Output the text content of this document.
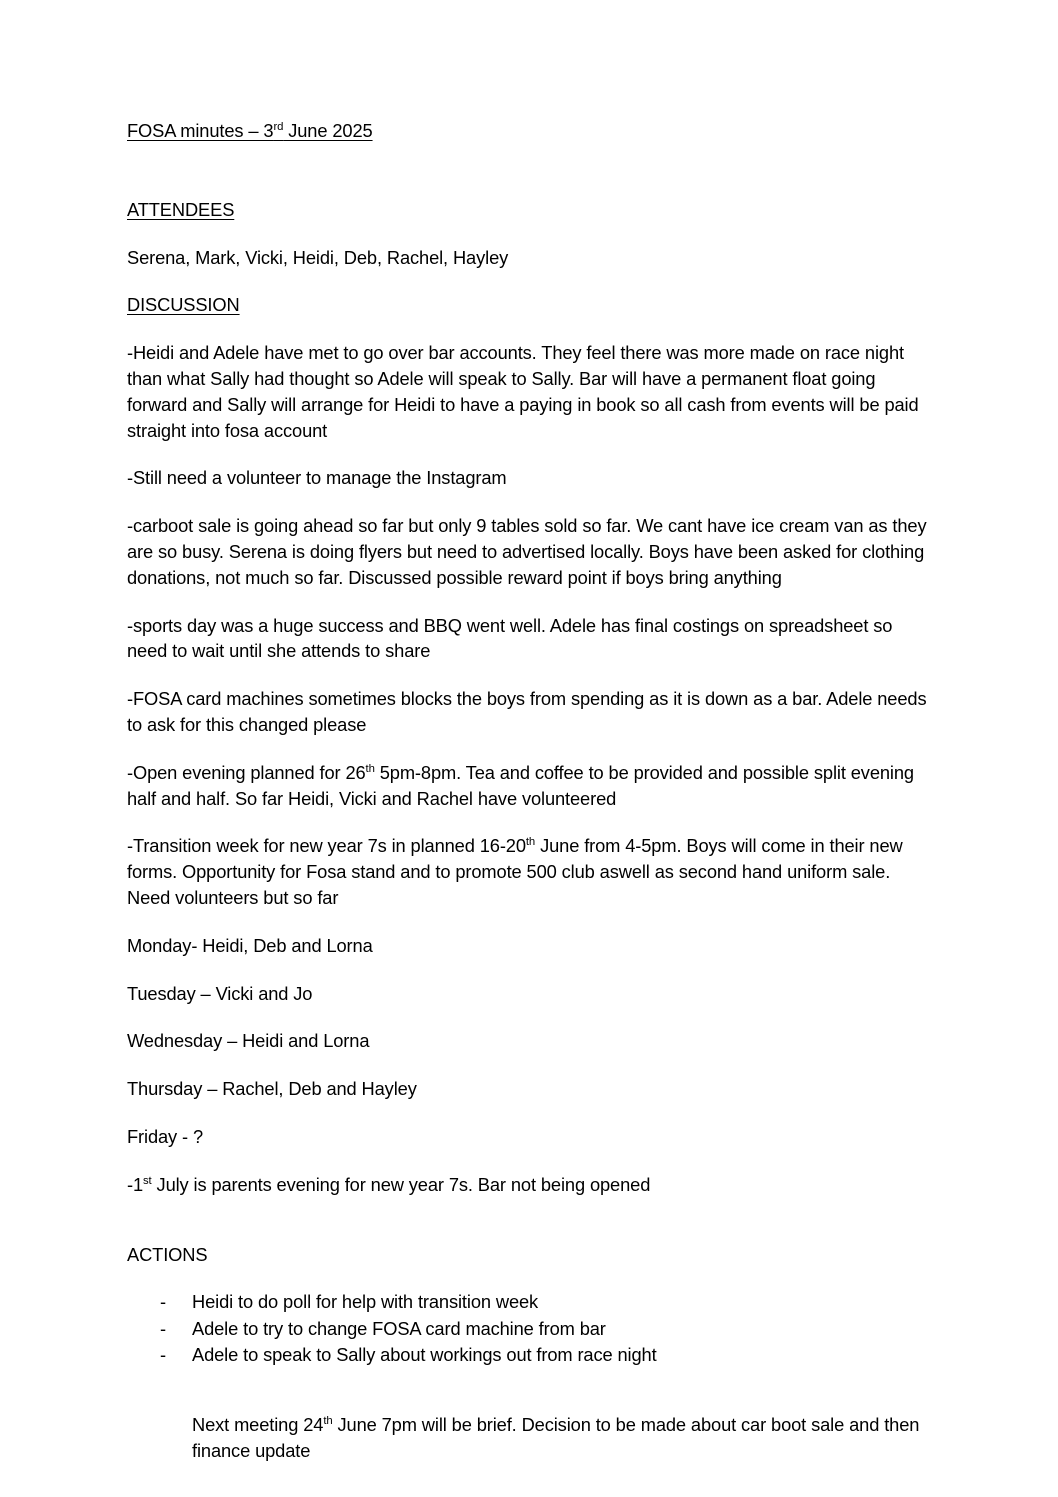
FOSA minutes – 3rd June 2025
ATTENDEES

Serena, Mark, Vicki, Heidi, Deb, Rachel, Hayley

DISCUSSION

-Heidi and Adele have met to go over bar accounts. They feel there was more made on race night than what Sally had thought so Adele will speak to Sally. Bar will have a permanent float going forward and Sally will arrange for Heidi to have a paying in book so all cash from events will be paid straight into fosa account

-Still need a volunteer to manage the Instagram

-carboot sale is going ahead so far but only 9 tables sold so far. We cant have ice cream van as they are so busy. Serena is doing flyers but need to advertised locally. Boys have been asked for clothing donations, not much so far. Discussed possible reward point if boys bring anything

-sports day was a huge success and BBQ went well. Adele has final costings on spreadsheet so need to wait until she attends to share

-FOSA card machines sometimes blocks the boys from spending as it is down as a bar. Adele needs to ask for this changed please

-Open evening planned for 26th 5pm-8pm. Tea and coffee to be provided and possible split evening half and half. So far Heidi, Vicki and Rachel have volunteered

-Transition week for new year 7s in planned 16-20th June from 4-5pm. Boys will come in their new forms. Opportunity for Fosa stand and to promote 500 club aswell as second hand uniform sale. Need volunteers but so far

Monday- Heidi, Deb and Lorna

Tuesday – Vicki and Jo

Wednesday – Heidi and Lorna

Thursday – Rachel, Deb and Hayley

Friday - ?

-1st July is parents evening for new year 7s. Bar not being opened

ACTIONS
- Heidi to do poll for help with transition week
- Adele to try to change FOSA card machine from bar
- Adele to speak to Sally about workings out from race night

Next meeting 24th June 7pm will be brief. Decision to be made about car boot sale and then finance update
